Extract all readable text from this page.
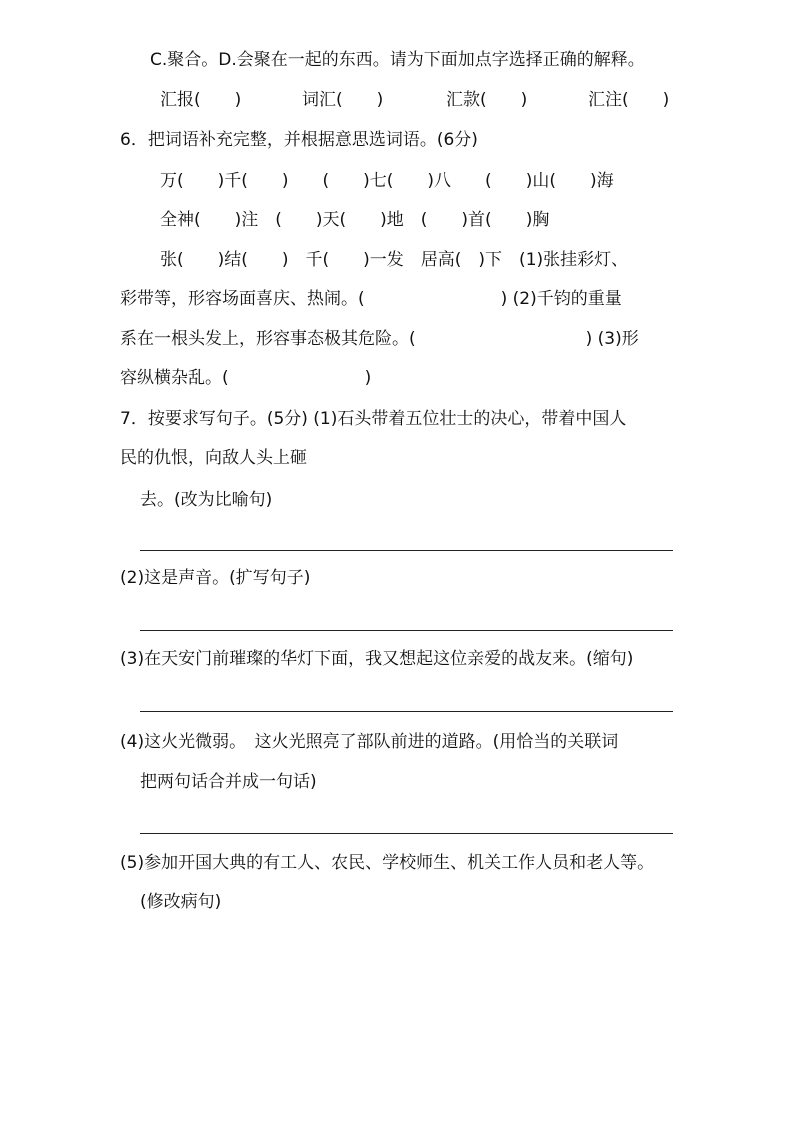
C.聚合。D.会聚在一起的东西。请为下面加点字选择正确的解释。
汇报(　　)	词汇(　　)	汇款(　　)	汇注(　　)
6．把词语补充完整，并根据意思选词语。(6分)
万(　　)千(　　)　　(　　)七(　　)八　　(　　)山(　　)海
全神(　　)注　(　　)天(　　)地　(　　)首(　　)胸
张(　　)结(　　)　千(　　)一发　居高(　)下　(1)张挂彩灯、
彩带等，形容场面喜庆、热闹。(　　　　　　　　) (2)千钧的重量
系在一根头发上，形容事态极其危险。(　　　　　　　　　　) (3)形
容纵横杂乱。(　　　　　　　　)
7．按要求写句子。(5分) (1)石头带着五位壮士的决心，带着中国人
民的仇恨，向敌人头上砸
去。(改为比喻句)
(2)这是声音。(扩写句子)
(3)在天安门前璀璨的华灯下面，我又想起这位亲爱的战友来。(缩句)
(4)这火光微弱。　这火光照亮了部队前进的道路。(用恰当的关联词
把两句话合并成一句话)
(5)参加开国大典的有工人、农民、学校师生、机关工作人员和老人等。
(修改病句)
